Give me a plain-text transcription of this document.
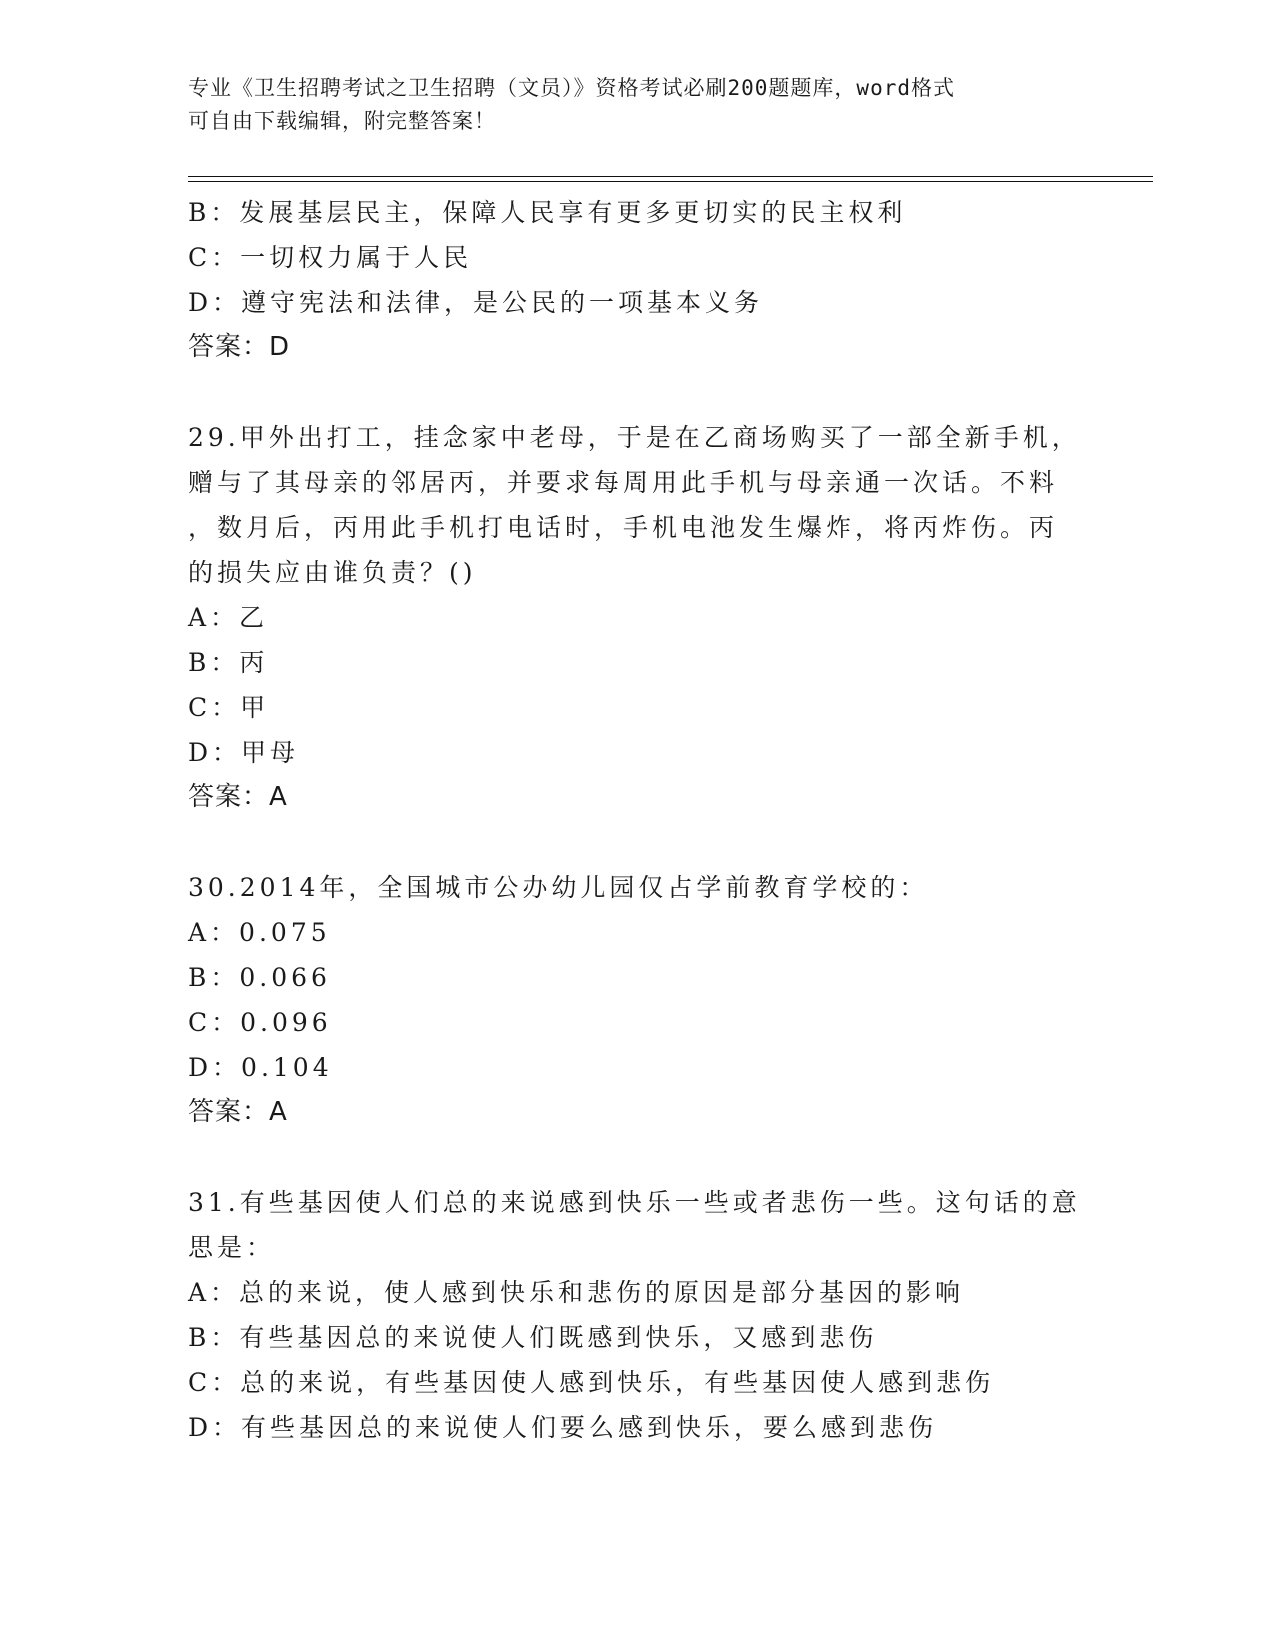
专业《卫生招聘考试之卫生招聘（文员）》资格考试必刷200题题库，word格式

可自由下载编辑，附完整答案！

B：发展基层民主，保障人民享有更多更切实的民主权利

C：一切权力属于人民

D：遵守宪法和法律，是公民的一项基本义务

答案：D

29.甲外出打工，挂念家中老母，于是在乙商场购买了一部全新手机，

赠与了其母亲的邻居丙，并要求每周用此手机与母亲通一次话。不料

，数月后，丙用此手机打电话时，手机电池发生爆炸，将丙炸伤。丙

的损失应由谁负责？()

A：乙

B：丙

C：甲

D：甲母

答案：A

30.2014年，全国城市公办幼儿园仅占学前教育学校的：

A：0.075

B：0.066

C：0.096

D：0.104

答案：A

31.有些基因使人们总的来说感到快乐一些或者悲伤一些。这句话的意

思是：

A：总的来说，使人感到快乐和悲伤的原因是部分基因的影响

B：有些基因总的来说使人们既感到快乐，又感到悲伤

C：总的来说，有些基因使人感到快乐，有些基因使人感到悲伤

D：有些基因总的来说使人们要么感到快乐，要么感到悲伤
